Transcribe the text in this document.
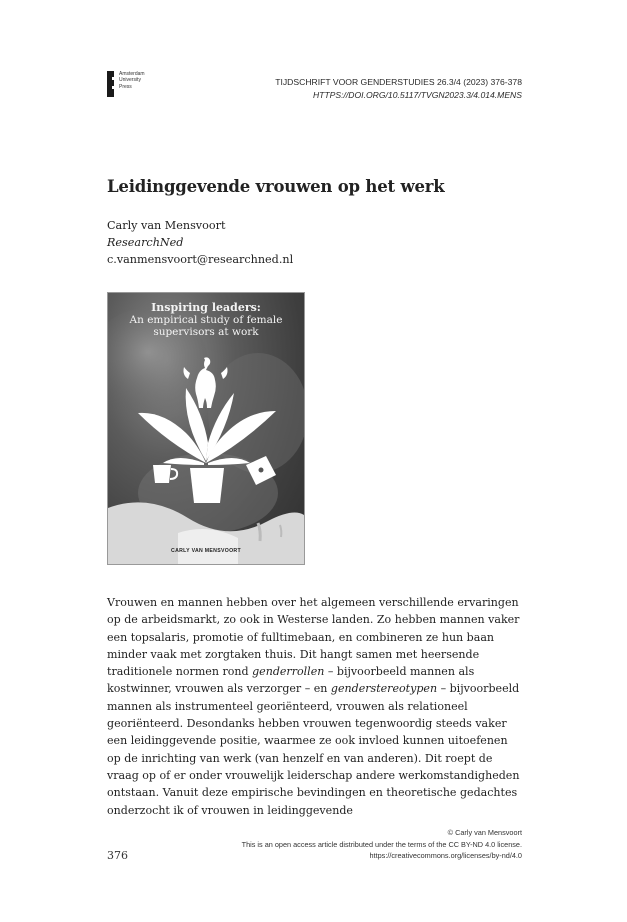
Amsterdam
University
Press	TIJDSCHRIFT VOOR GENDERSTUDIES 26.3/4 (2023) 376-378
HTTPS://DOI.ORG/10.5117/TVGN2023.3/4.014.MENS
Leidinggevende vrouwen op het werk
Carly van Mensvoort
ResearchNed
c.vanmensvoort@researchned.nl
Inspiring leaders:
An empirical study of female
supervisors at work
CARLY VAN MENSVOORT

Vrouwen en mannen hebben over het algemeen verschillende ervaringen op de arbeidsmarkt, zo ook in Westerse landen. Zo hebben mannen vaker een topsalaris, promotie of fulltimebaan, en combineren ze hun baan minder vaak met zorgtaken thuis. Dit hangt samen met heersende traditionele normen rond genderrollen – bijvoorbeeld mannen als kostwinner, vrouwen als verzorger – en genderstereotypen – bijvoorbeeld mannen als instrumenteel georiënteerd, vrouwen als relationeel georiënteerd. Desondanks hebben vrouwen tegenwoordig steeds vaker een leidinggevende positie, waarmee ze ook invloed kunnen uitoefenen op de inrichting van werk (van henzelf en van anderen). Dit roept de vraag op of er onder vrouwelijk leiderschap andere werkomstandigheden ontstaan. Vanuit deze empirische bevindingen en theoretische gedachtes onderzocht ik of vrouwen in leidinggevende

© Carly van Mensvoort
This is an open access article distributed under the terms of the CC BY-ND 4.0 license.
https://creativecommons.org/licenses/by-nd/4.0
376
